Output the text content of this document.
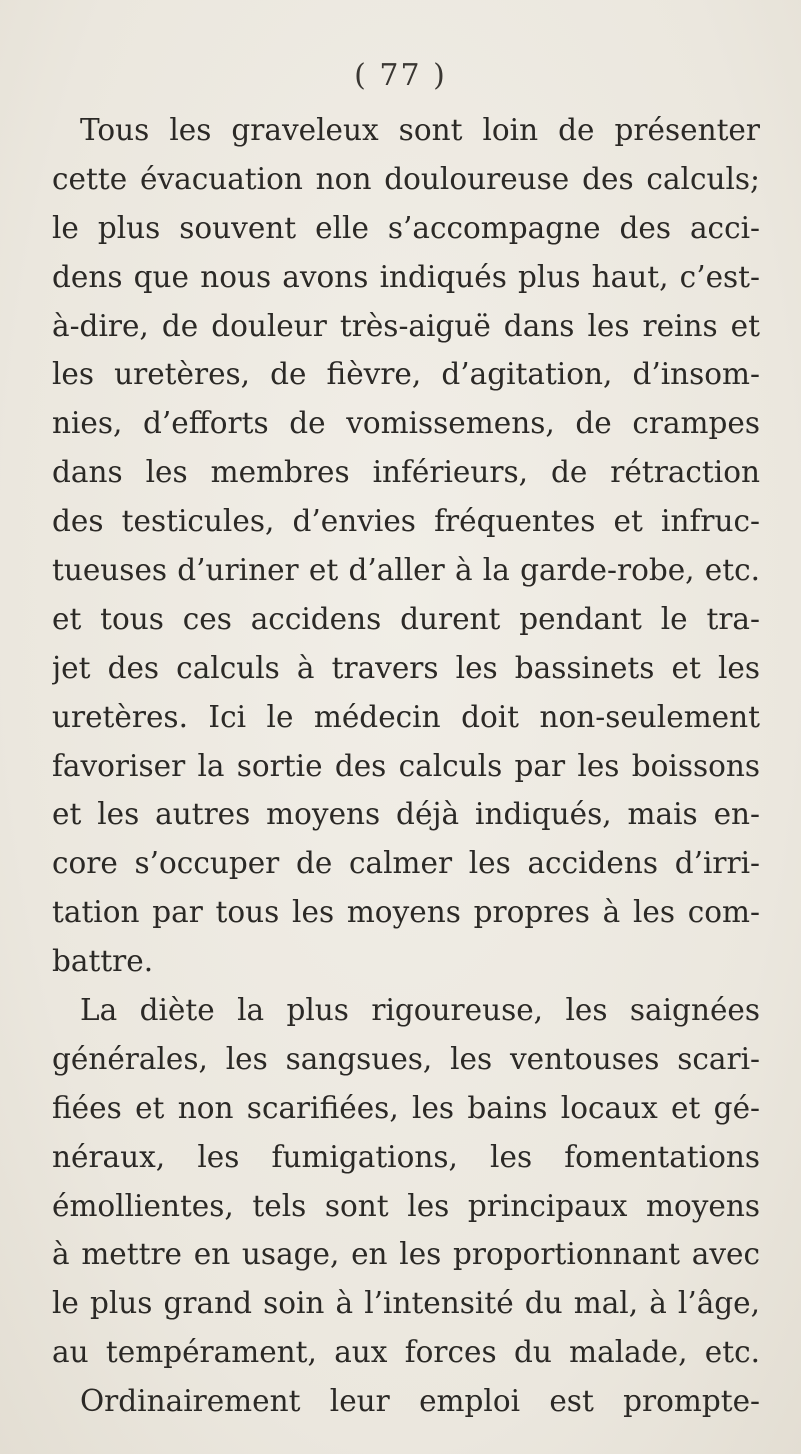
( 77 )
Tous les graveleux sont loin de présenter
cette évacuation non douloureuse des calculs;
le plus souvent elle s’accompagne des acci-
dens que nous avons indiqués plus haut, c’est-
à-dire, de douleur très-aiguë dans les reins et
les uretères, de fièvre, d’agitation, d’insom-
nies, d’efforts de vomissemens, de crampes
dans les membres inférieurs, de rétraction
des testicules, d’envies fréquentes et infruc-
tueuses d’uriner et d’aller à la garde-robe, etc.
et tous ces accidens durent pendant le tra-
jet des calculs à travers les bassinets et les
uretères. Ici le médecin doit non-seulement
favoriser la sortie des calculs par les boissons
et les autres moyens déjà indiqués, mais en-
core s’occuper de calmer les accidens d’irri-
tation par tous les moyens propres à les com-
battre.
La diète la plus rigoureuse, les saignées
générales, les sangsues, les ventouses scari-
fiées et non scarifiées, les bains locaux et gé-
néraux, les fumigations, les fomentations
émollientes, tels sont les principaux moyens
à mettre en usage, en les proportionnant avec
le plus grand soin à l’intensité du mal, à l’âge,
au tempérament, aux forces du malade, etc.
Ordinairement leur emploi est prompte-
